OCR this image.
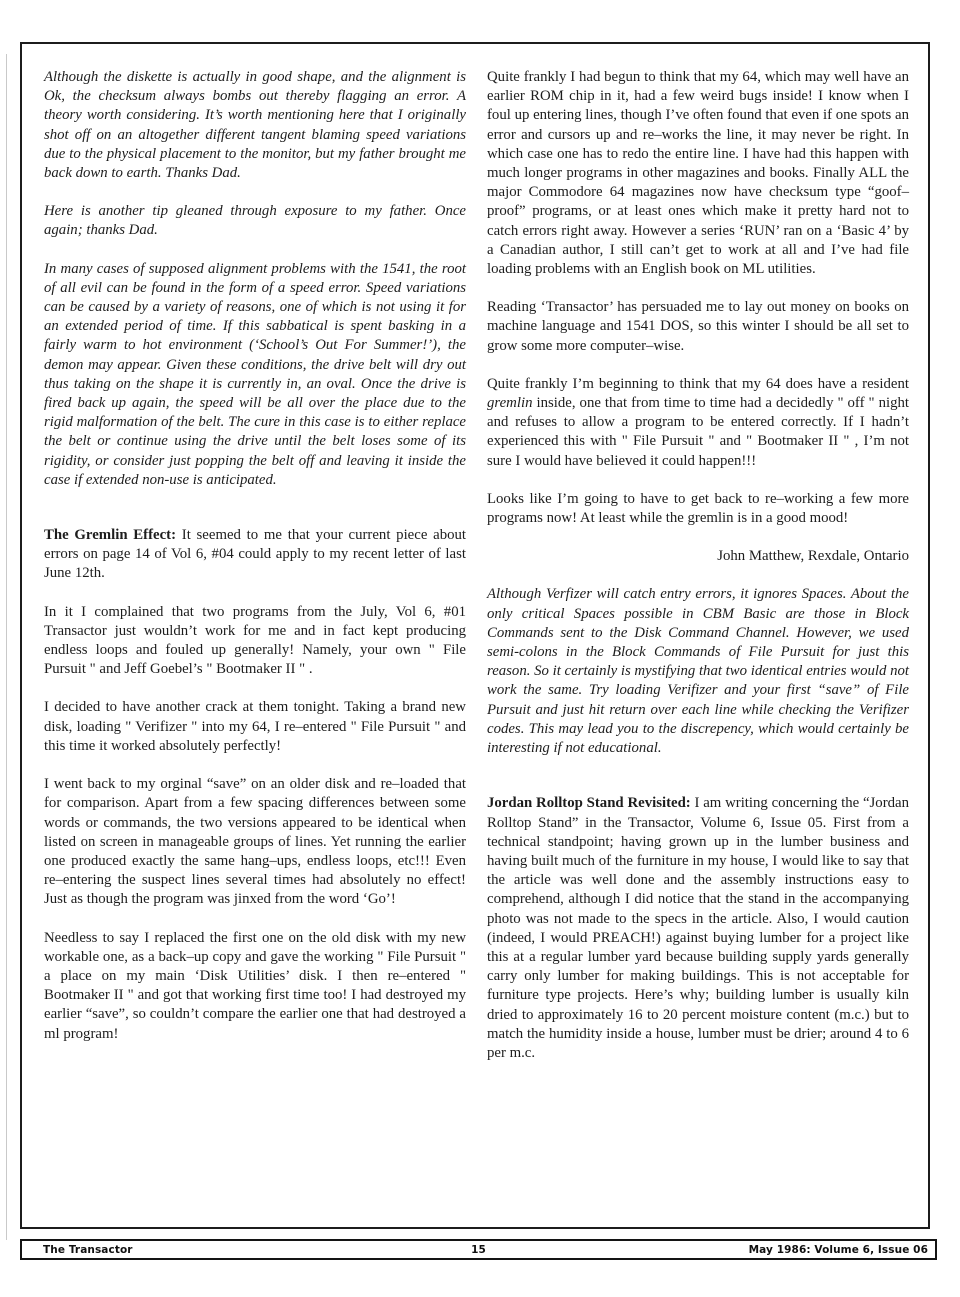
Although the diskette is actually in good shape, and the alignment is Ok, the checksum always bombs out thereby flagging an error. A theory worth considering. It’s worth mentioning here that I originally shot off on an altogether different tangent blaming speed variations due to the physical placement to the monitor, but my father brought me back down to earth. Thanks Dad.

Here is another tip gleaned through exposure to my father. Once again; thanks Dad.

In many cases of supposed alignment problems with the 1541, the root of all evil can be found in the form of a speed error. Speed variations can be caused by a variety of reasons, one of which is not using it for an extended period of time. If this sabbatical is spent basking in a fairly warm to hot environment (‘School’s Out For Summer!’), the demon may appear. Given these conditions, the drive belt will dry out thus taking on the shape it is currently in, an oval. Once the drive is fired back up again, the speed will be all over the place due to the rigid malformation of the belt. The cure in this case is to either replace the belt or continue using the drive until the belt loses some of its rigidity, or consider just popping the belt off and leaving it inside the case if extended non-use is anticipated.

The Gremlin Effect: It seemed to me that your current piece about errors on page 14 of Vol 6, #04 could apply to my recent letter of last June 12th.

In it I complained that two programs from the July, Vol 6, #01 Transactor just wouldn’t work for me and in fact kept producing endless loops and fouled up generally! Namely, your own " File Pursuit " and Jeff Goebel’s " Bootmaker II " .

I decided to have another crack at them tonight. Taking a brand new disk, loading " Verifizer " into my 64, I re–entered " File Pursuit " and this time it worked absolutely perfectly!

I went back to my orginal “save” on an older disk and re–loaded that for comparison. Apart from a few spacing differences between some words or commands, the two versions appeared to be identical when listed on screen in manageable groups of lines. Yet running the earlier one produced exactly the same hang–ups, endless loops, etc!!! Even re–entering the suspect lines several times had absolutely no effect! Just as though the program was jinxed from the word ‘Go’!

Needless to say I replaced the first one on the old disk with my new workable one, as a back–up copy and gave the working " File Pursuit " a place on my main ‘Disk Utilities’ disk. I then re–entered " Bootmaker II " and got that working first time too! I had destroyed my earlier “save”, so couldn’t compare the earlier one that had destroyed a ml program!

Quite frankly I had begun to think that my 64, which may well have an earlier ROM chip in it, had a few weird bugs inside! I know when I foul up entering lines, though I’ve often found that even if one spots an error and cursors up and re–works the line, it may never be right. In which case one has to redo the entire line. I have had this happen with much longer programs in other magazines and books. Finally ALL the major Commodore 64 magazines now have checksum type “goof–proof” programs, or at least ones which make it pretty hard not to catch errors right away. However a series ‘RUN’ ran on a ‘Basic 4’ by a Canadian author, I still can’t get to work at all and I’ve had file loading problems with an English book on ML utilities.

Reading ‘Transactor’ has persuaded me to lay out money on books on machine language and 1541 DOS, so this winter I should be all set to grow some more computer–wise.

Quite frankly I’m beginning to think that my 64 does have a resident gremlin inside, one that from time to time had a decidedly " off " night and refuses to allow a program to be entered correctly. If I hadn’t experienced this with " File Pursuit " and " Bootmaker II " , I’m not sure I would have believed it could happen!!!

Looks like I’m going to have to get back to re–working a few more programs now! At least while the gremlin is in a good mood!

John Matthew, Rexdale, Ontario

Although Verfizer will catch entry errors, it ignores Spaces. About the only critical Spaces possible in CBM Basic are those in Block Commands sent to the Disk Command Channel. However, we used semi-colons in the Block Commands of File Pursuit for just this reason. So it certainly is mystifying that two identical entries would not work the same. Try loading Verifizer and your first “save” of File Pursuit and just hit return over each line while checking the Verifizer codes. This may lead you to the discrepency, which would certainly be interesting if not educational.

Jordan Rolltop Stand Revisited: I am writing concerning the “Jordan Rolltop Stand” in the Transactor, Volume 6, Issue 05. First from a technical standpoint; having grown up in the lumber business and having built much of the furniture in my house, I would like to say that the article was well done and the assembly instructions easy to comprehend, although I did notice that the stand in the accompanying photo was not made to the specs in the article. Also, I would caution (indeed, I would PREACH!) against buying lumber for a project like this at a regular lumber yard because building supply yards generally carry only lumber for making buildings. This is not acceptable for furniture type projects. Here’s why; building lumber is usually kiln dried to approximately 16 to 20 percent moisture content (m.c.) but to match the humidity inside a house, lumber must be drier; around 4 to 6 per m.c.

The Transactor	15	May 1986: Volume 6, Issue 06
